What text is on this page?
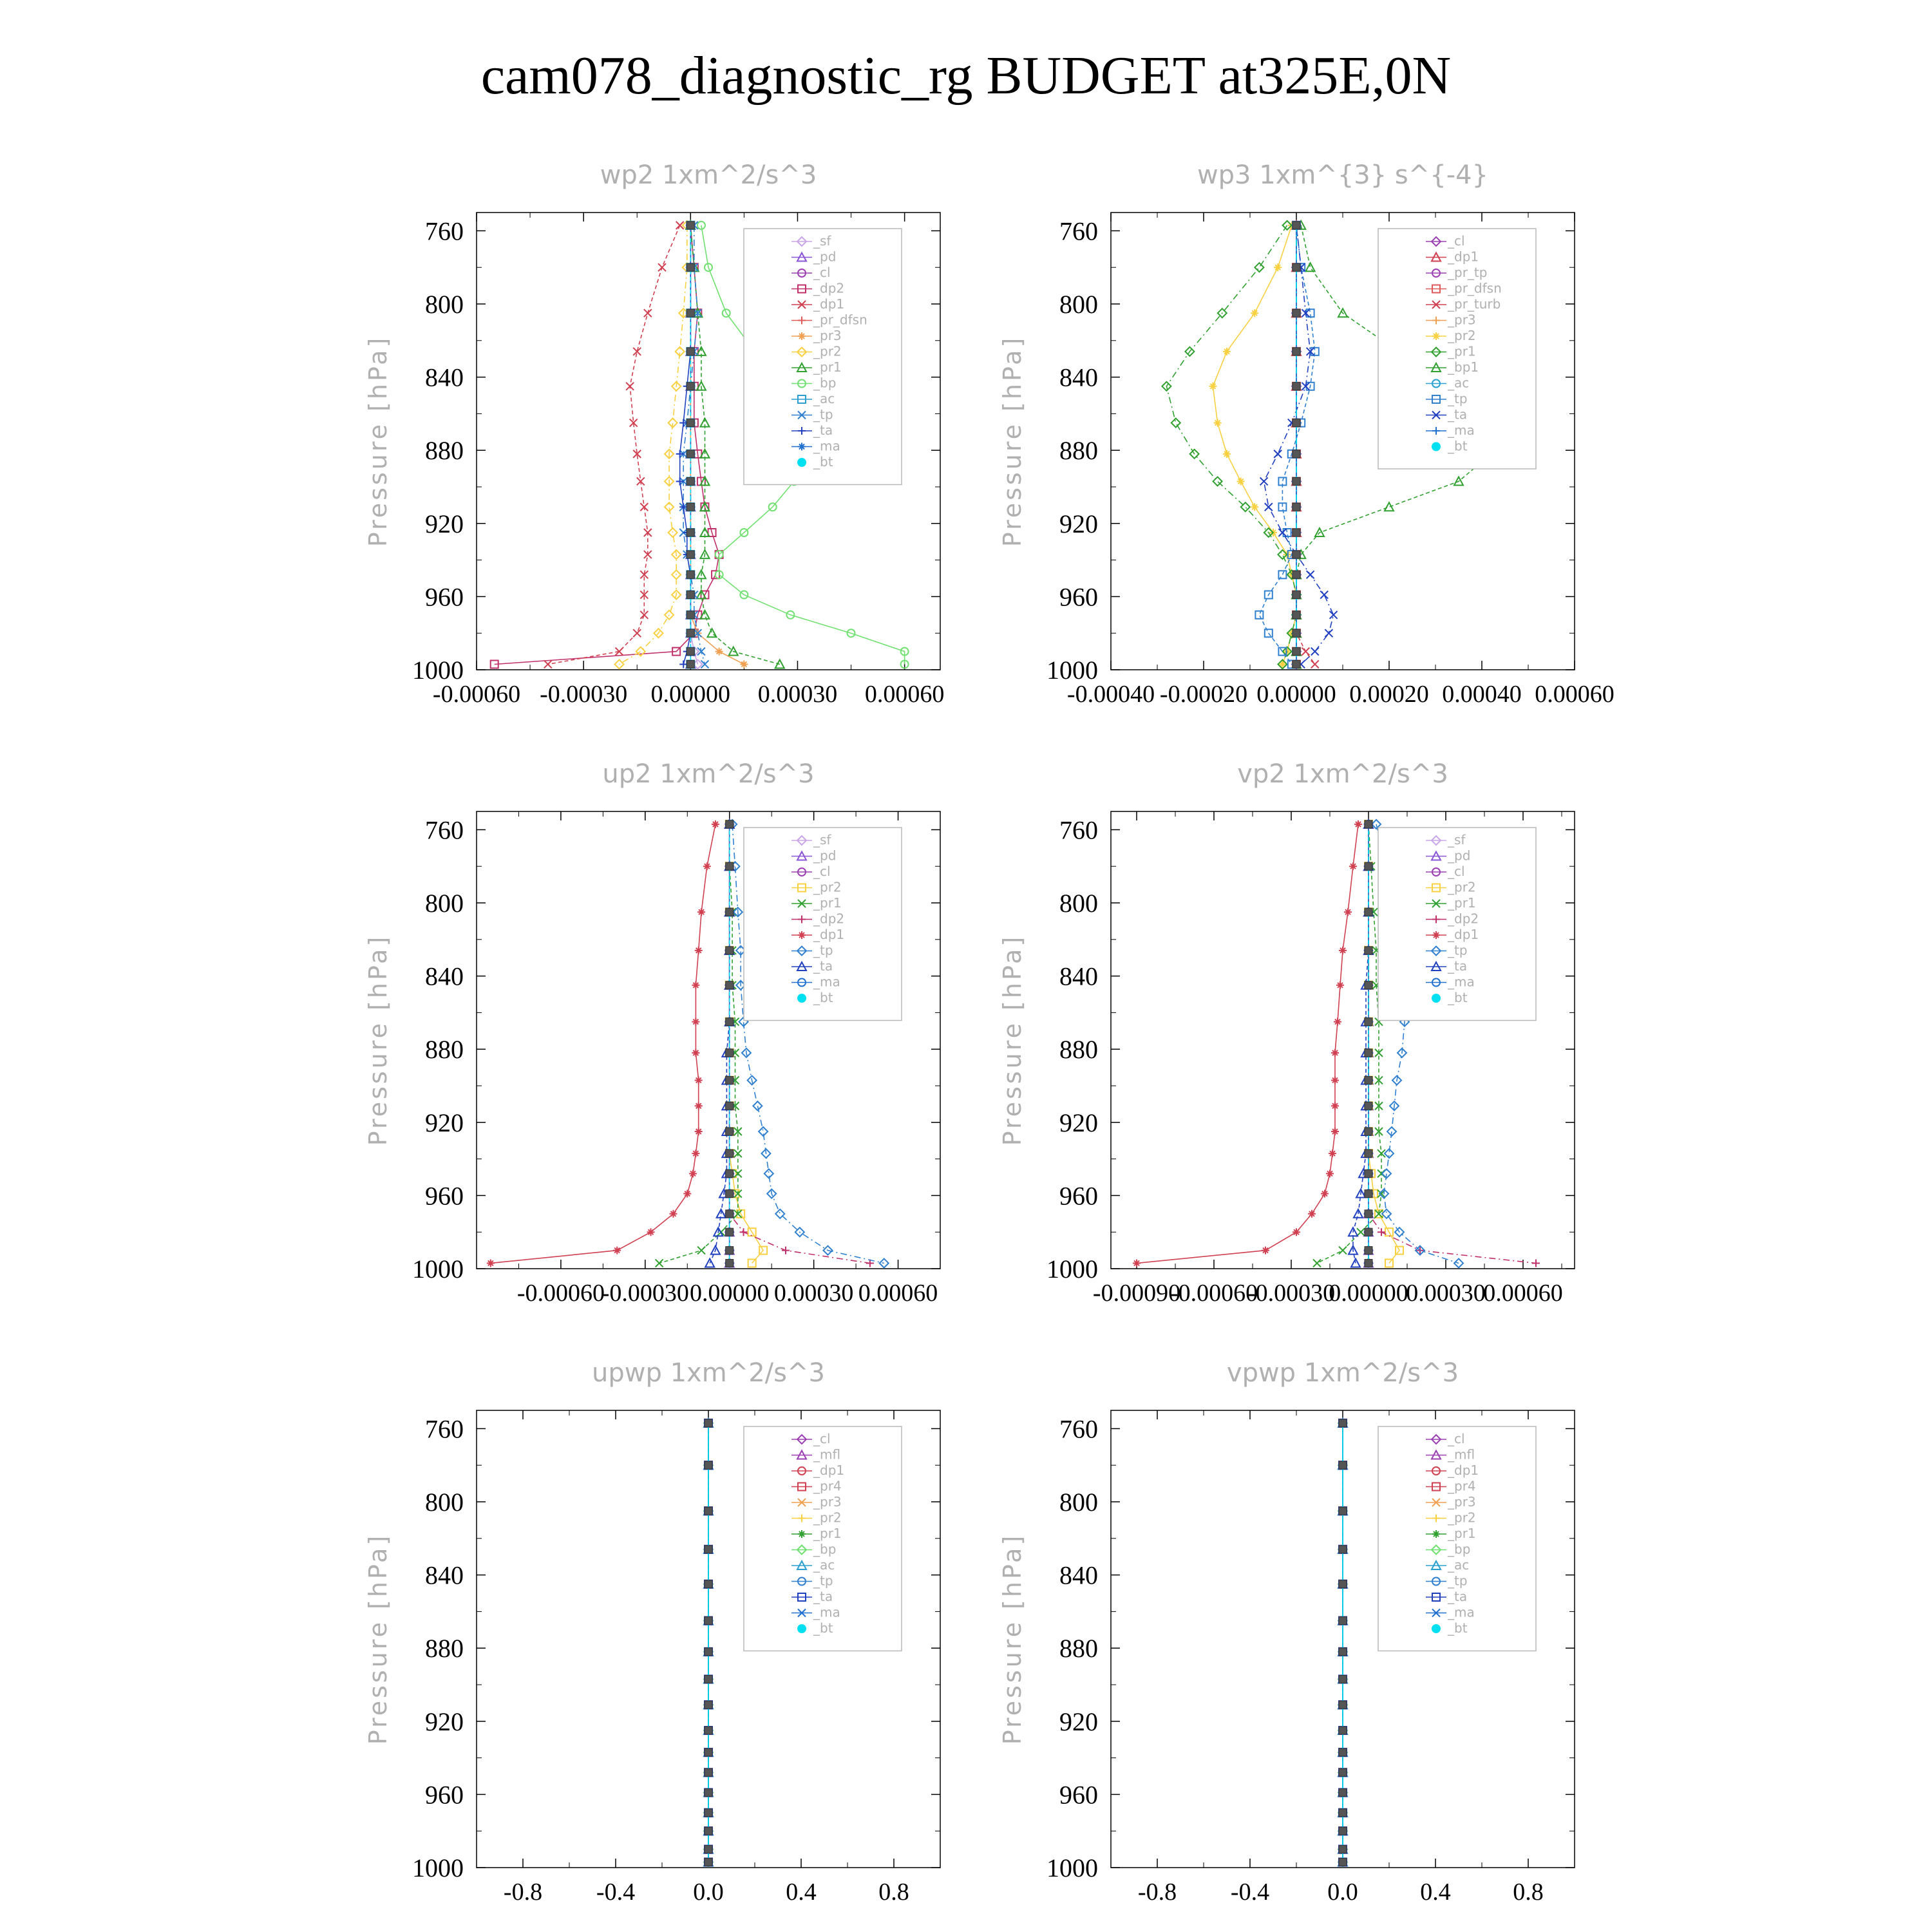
cam078_diagnostic_rg BUDGET at325E,0N
wp2 1xm^2/s^3
Pressure [hPa]
760
800
840
880
920
960
1000
-0.00060 -0.00030 0.00000 0.00030 0.00060
_sf
_pd
_cl
_dp2
_dp1
_pr_dfsn
_pr3
_pr2
_pr1
_bp
_ac
_tp
_ta
_ma
_bt
wp3 1xm^{3} s^{-4}
Pressure [hPa]
760
800
840
880
920
960
1000
-0.00040 -0.00020 0.00000 0.00020 0.00040 0.00060
_cl
_dp1
_pr_tp
_pr_dfsn
_pr_turb
_pr3
_pr2
_pr1
_bp1
_ac
_tp
_ta
_ma
_bt
up2 1xm^2/s^3
Pressure [hPa]
760
800
840
880
920
960
1000
-0.00060
-0.00030 0.00000 0.00030 0.00060
_sf
_pd
_cl
_pr2
_pr1
_dp2
_dp1
_tp
_ta
_ma
_bt
vp2 1xm^2/s^3
Pressure [hPa]
760
800
840
880
920
960
1000
-0.00090
-0.00060
-0.00030
0.00000
0.00030
0.00060
_sf
_pd
_cl
_pr2
_pr1
_dp2
_dp1
_tp
_ta
_ma
_bt
upwp 1xm^2/s^3
Pressure [hPa]
760
800
840
880
920
960
1000
-0.8 -0.4 0.0	0.4	0.8
_cl
_mfl
_dp1
_pr4
_pr3
_pr2
_pr1
_bp
_ac
_tp
_ta
_ma
_bt
vpwp 1xm^2/s^3
Pressure [hPa]
760
800
840
880
920
960
1000
-0.8 -0.4 0.0	0.4	0.8
_cl
_mfl
_dp1
_pr4
_pr3
_pr2
_pr1
_bp
_ac
_tp
_ta
_ma
_bt
